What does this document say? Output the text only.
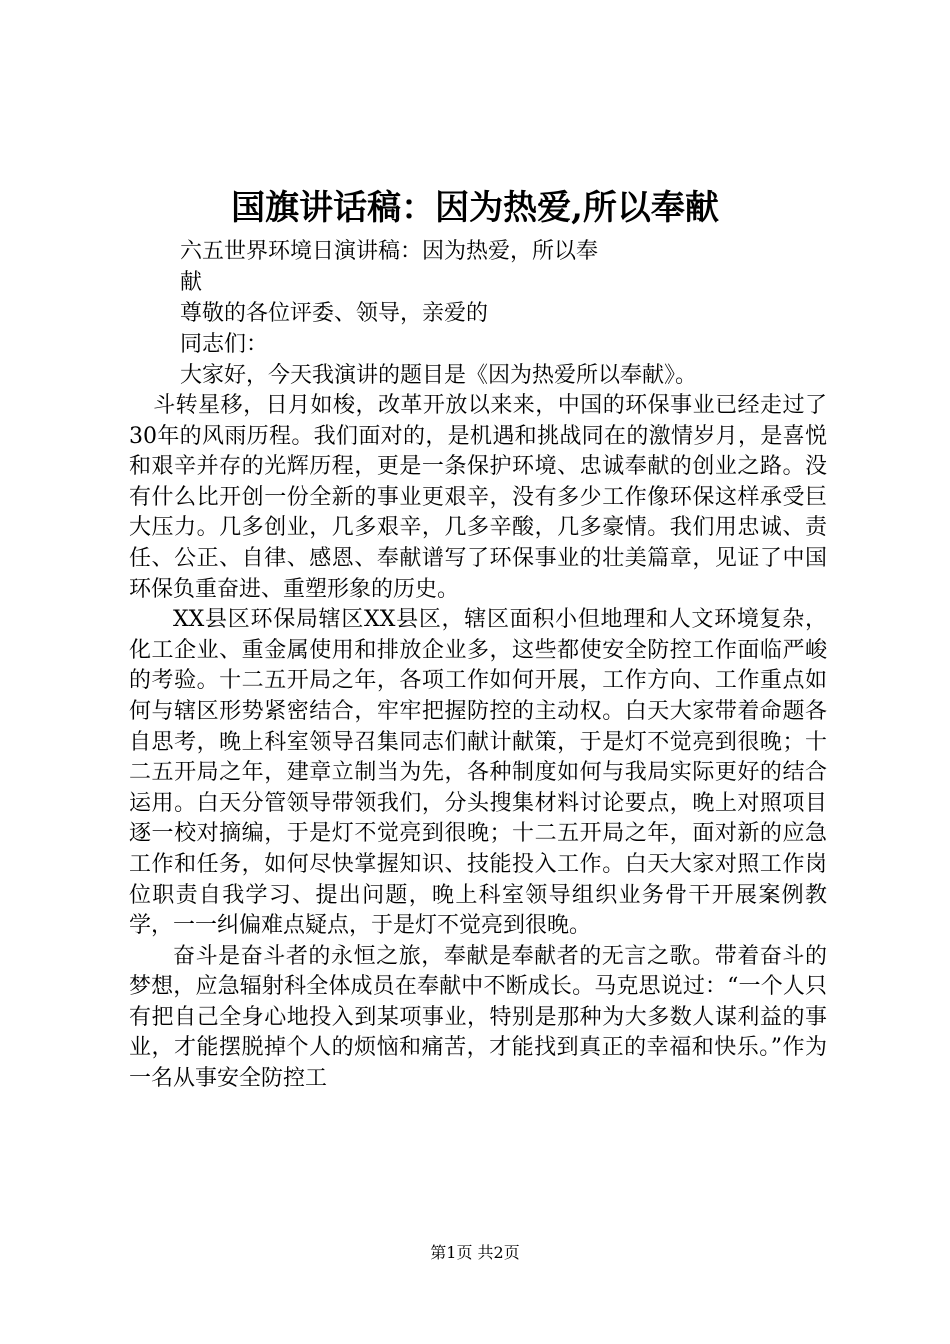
国旗讲话稿：因为热爱,所以奉献
六五世界环境日演讲稿：因为热爱，所以奉
献
尊敬的各位评委、领导，亲爱的
同志们：
大家好，今天我演讲的题目是《因为热爱所以奉献》。

斗转星移，日月如梭，改革开放以来来，中国的环保事业已经走过了30年的风雨历程。我们面对的，是机遇和挑战同在的激情岁月，是喜悦和艰辛并存的光辉历程，更是一条保护环境、忠诚奉献的创业之路。没有什么比开创一份全新的事业更艰辛，没有多少工作像环保这样承受巨大压力。几多创业，几多艰辛，几多辛酸，几多豪情。我们用忠诚、责任、公正、自律、感恩、奉献谱写了环保事业的壮美篇章，见证了中国环保负重奋进、重塑形象的历史。

XX县区环保局辖区XX县区，辖区面积小但地理和人文环境复杂，化工企业、重金属使用和排放企业多，这些都使安全防控工作面临严峻的考验。十二五开局之年，各项工作如何开展，工作方向、工作重点如何与辖区形势紧密结合，牢牢把握防控的主动权。白天大家带着命题各自思考，晚上科室领导召集同志们献计献策，于是灯不觉亮到很晚；十二五开局之年，建章立制当为先，各种制度如何与我局实际更好的结合运用。白天分管领导带领我们，分头搜集材料讨论要点，晚上对照项目逐一校对摘编，于是灯不觉亮到很晚；十二五开局之年，面对新的应急工作和任务，如何尽快掌握知识、技能投入工作。白天大家对照工作岗位职责自我学习、提出问题，晚上科室领导组织业务骨干开展案例教学，一一纠偏难点疑点，于是灯不觉亮到很晚。

奋斗是奋斗者的永恒之旅，奉献是奉献者的无言之歌。带着奋斗的梦想，应急辐射科全体成员在奉献中不断成长。马克思说过：“一个人只有把自己全身心地投入到某项事业，特别是那种为大多数人谋利益的事业，才能摆脱掉个人的烦恼和痛苦，才能找到真正的幸福和快乐。”作为一名从事安全防控工

第1页 共2页
